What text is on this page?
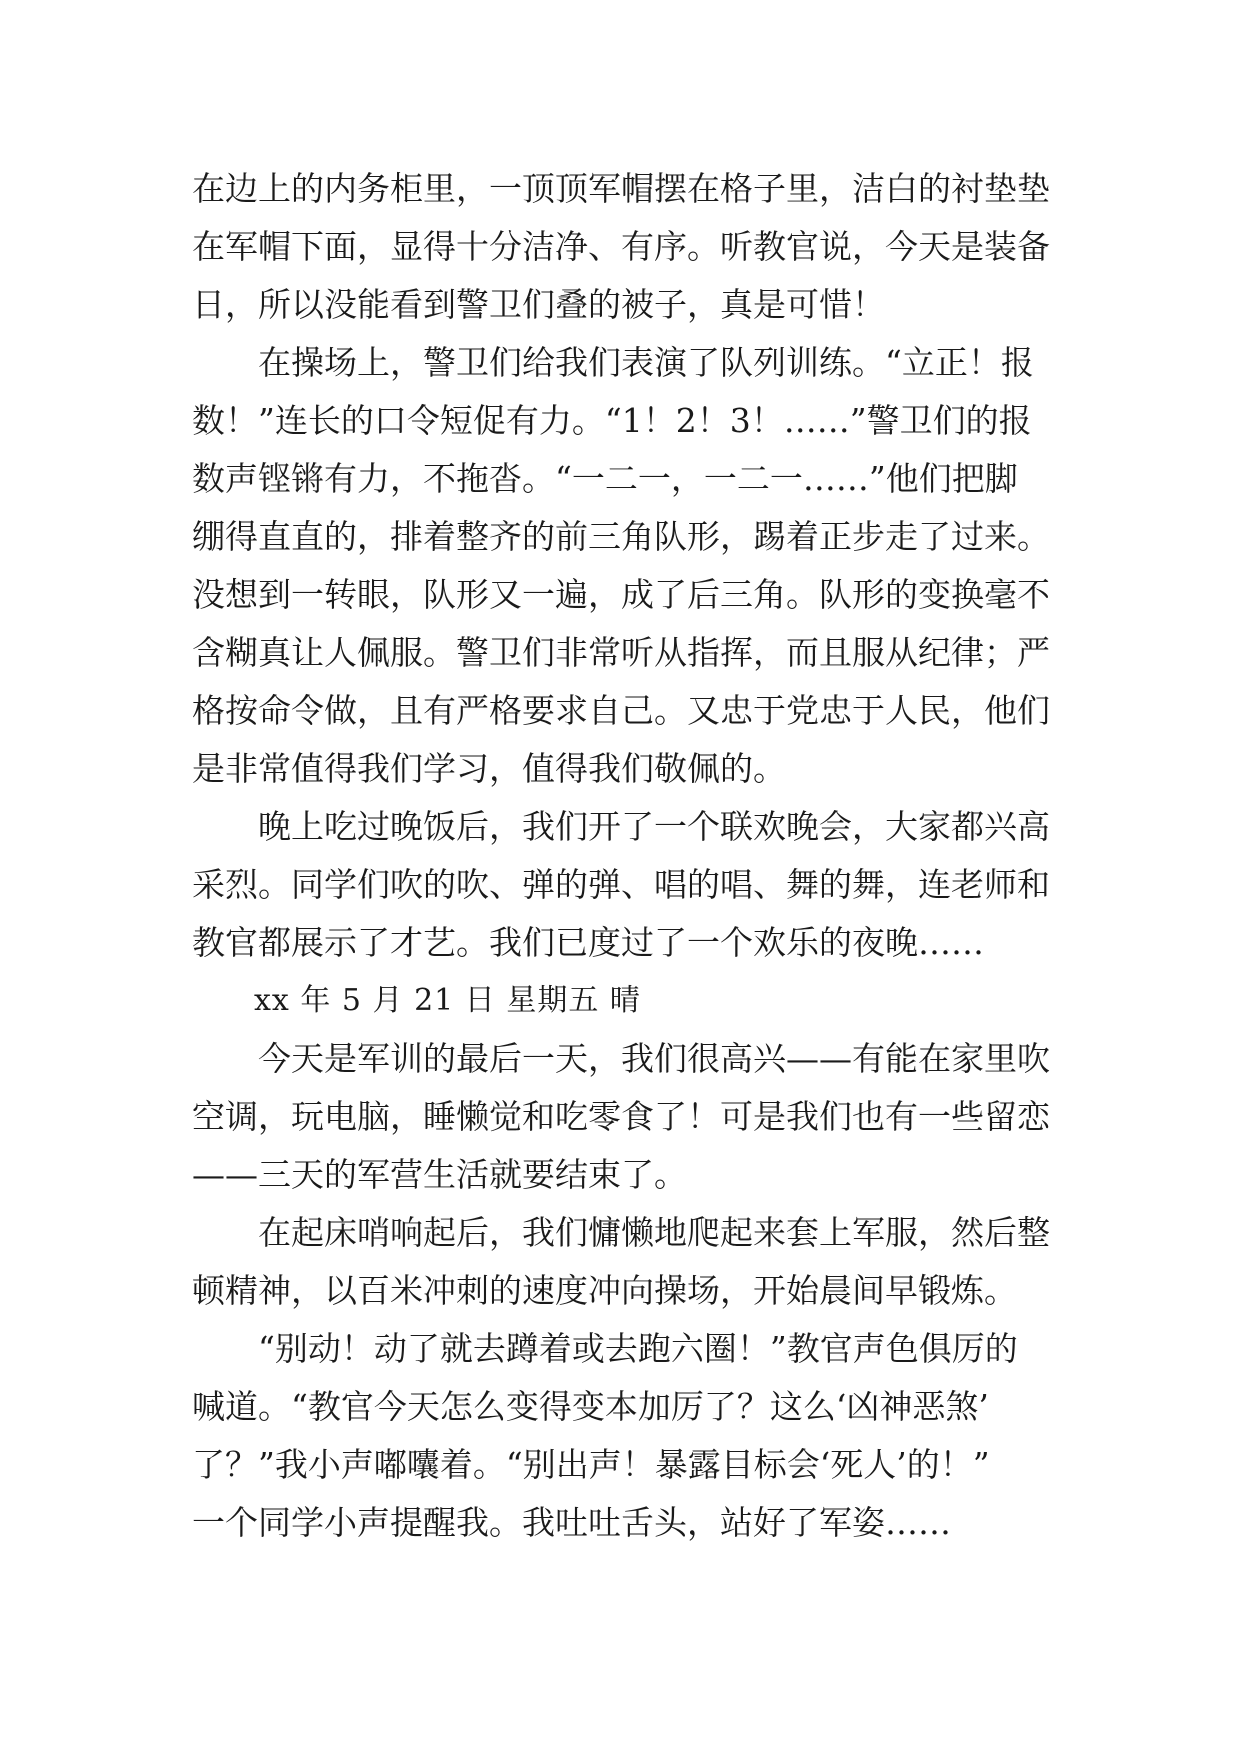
在边上的内务柜里，一顶顶军帽摆在格子里，洁白的衬垫垫
在军帽下面，显得十分洁净、有序。听教官说，今天是装备
日，所以没能看到警卫们叠的被子，真是可惜！
在操场上，警卫们给我们表演了队列训练。“立正！报
数！”连长的口令短促有力。“1！2！3！……”警卫们的报
数声铿锵有力，不拖沓。“一二一，一二一……”他们把脚
绷得直直的，排着整齐的前三角队形，踢着正步走了过来。
没想到一转眼，队形又一遍，成了后三角。队形的变换毫不
含糊真让人佩服。警卫们非常听从指挥，而且服从纪律；严
格按命令做，且有严格要求自己。又忠于党忠于人民，他们
是非常值得我们学习，值得我们敬佩的。
晚上吃过晚饭后，我们开了一个联欢晚会，大家都兴高
采烈。同学们吹的吹、弹的弹、唱的唱、舞的舞，连老师和
教官都展示了才艺。我们已度过了一个欢乐的夜晚……
xx 年 5 月 21 日 星期五 晴
今天是军训的最后一天，我们很高兴——有能在家里吹
空调，玩电脑，睡懒觉和吃零食了！可是我们也有一些留恋
——三天的军营生活就要结束了。
在起床哨响起后，我们慵懒地爬起来套上军服，然后整
顿精神，以百米冲刺的速度冲向操场，开始晨间早锻炼。
“别动！动了就去蹲着或去跑六圈！”教官声色俱厉的
喊道。“教官今天怎么变得变本加厉了？这么‘凶神恶煞’
了？”我小声嘟囔着。“别出声！暴露目标会‘死人’的！”
一个同学小声提醒我。我吐吐舌头，站好了军姿……
